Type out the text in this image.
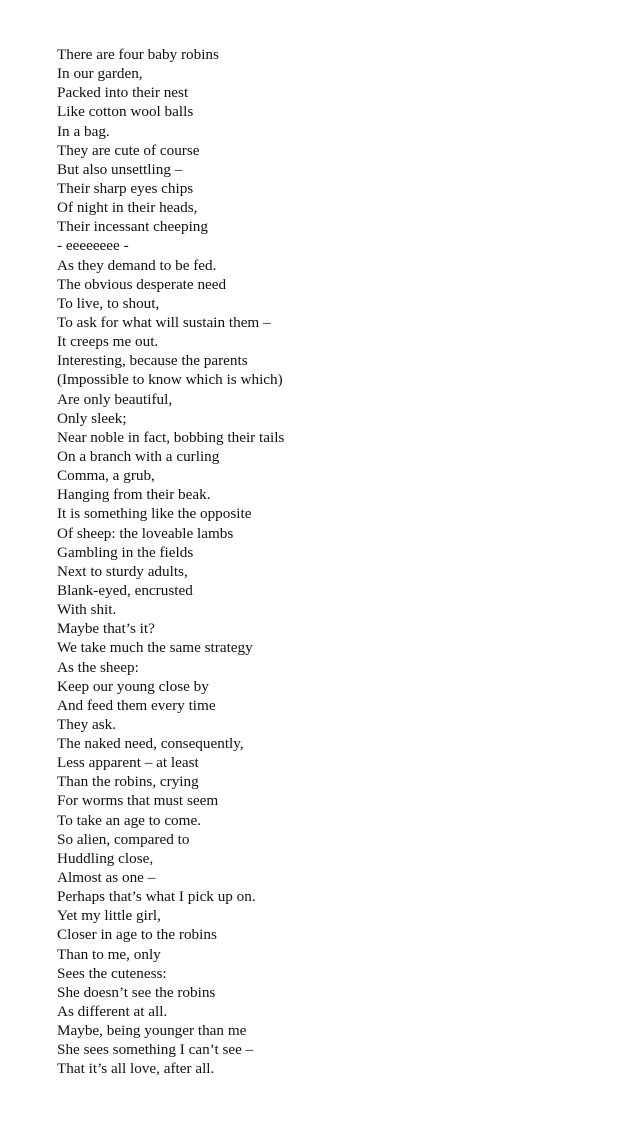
There are four baby robins
In our garden,
Packed into their nest
Like cotton wool balls
In a bag.
They are cute of course
But also unsettling –
Their sharp eyes chips
Of night in their heads,
Their incessant cheeping
- eeeeeeee -
As they demand to be fed.
The obvious desperate need
To live, to shout,
To ask for what will sustain them –
It creeps me out.
Interesting, because the parents
(Impossible to know which is which)
Are only beautiful,
Only sleek;
Near noble in fact, bobbing their tails
On a branch with a curling
Comma, a grub,
Hanging from their beak.
It is something like the opposite
Of sheep: the loveable lambs
Gambling in the fields
Next to sturdy adults,
Blank-eyed, encrusted
With shit.
Maybe that’s it?
We take much the same strategy
As the sheep:
Keep our young close by
And feed them every time
They ask.
The naked need, consequently,
Less apparent – at least
Than the robins, crying
For worms that must seem
To take an age to come.
So alien, compared to
Huddling close,
Almost as one –
Perhaps that’s what I pick up on.
Yet my little girl,
Closer in age to the robins
Than to me, only
Sees the cuteness:
She doesn’t see the robins
As different at all.
Maybe, being younger than me
She sees something I can’t see –
That it’s all love, after all.
